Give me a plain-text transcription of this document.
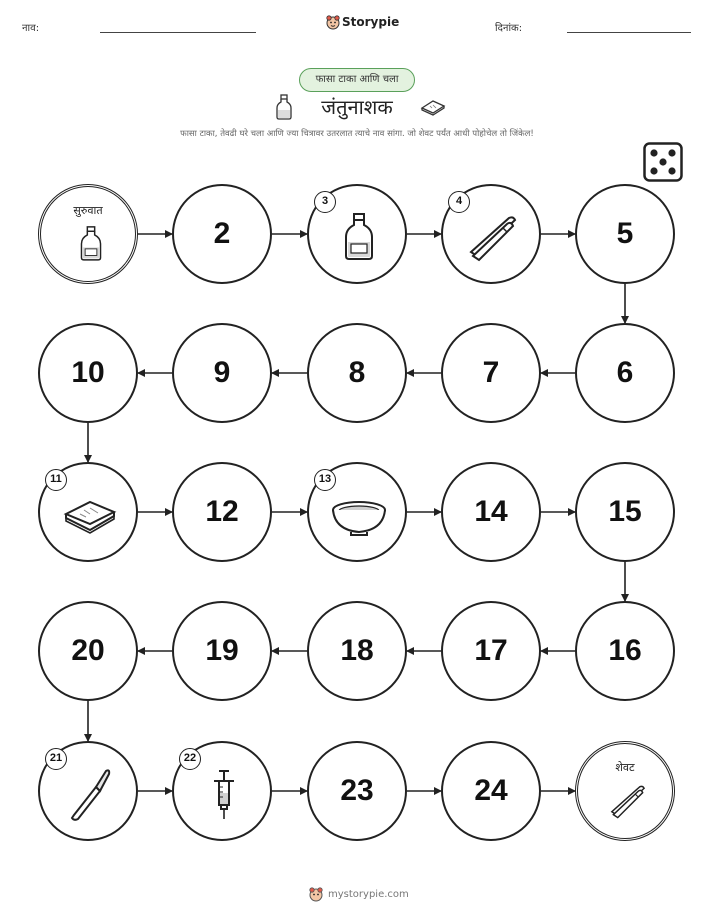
नाव:	Storypie	दिनांक:
फासा टाका आणि चला
जंतुनाशक
फासा टाका, तेवढी घरे चला आणि ज्या चित्रावर उतरलात त्याचे नाव सांगा. जो शेवट पर्यंत आधी पोहोचेल तो जिंकेल!
सुरुवात
2
3	4
5
6
7
8
9
10
11
12
13
14	15
16
17
18
19
20
21	22
23	24
शेवट
mystorypie.com
